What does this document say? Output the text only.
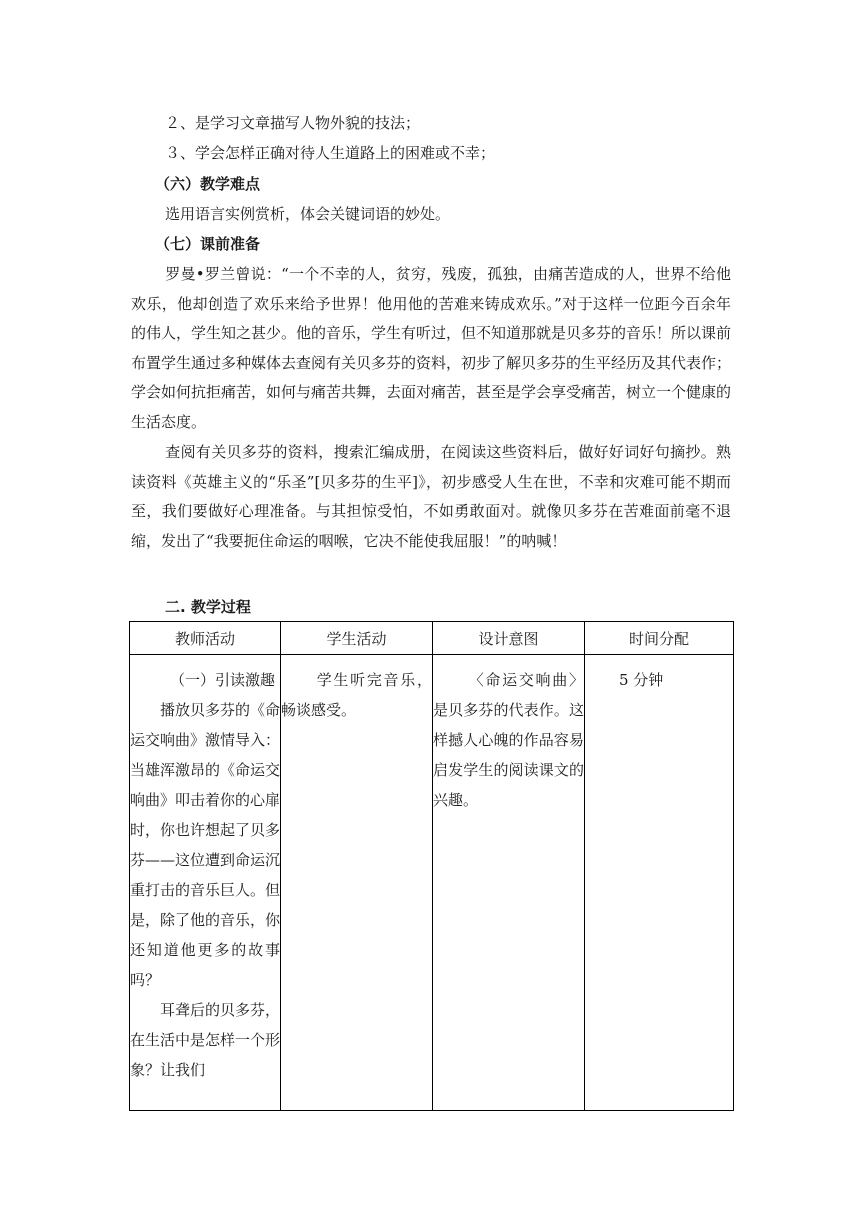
２、是学习文章描写人物外貌的技法；
３、学会怎样正确对待人生道路上的困难或不幸；
（六）教学难点
选用语言实例赏析，体会关键词语的妙处。
（七）课前准备
罗曼•罗兰曾说：“一个不幸的人，贫穷，残废，孤独，由痛苦造成的人，世界不给他欢乐，他却创造了欢乐来给予世界！他用他的苦难来铸成欢乐。”对于这样一位距今百余年的伟人，学生知之甚少。他的音乐，学生有听过，但不知道那就是贝多芬的音乐！所以课前布置学生通过多种媒体去查阅有关贝多芬的资料，初步了解贝多芬的生平经历及其代表作；学会如何抗拒痛苦，如何与痛苦共舞，去面对痛苦，甚至是学会享受痛苦，树立一个健康的生活态度。
查阅有关贝多芬的资料，搜索汇编成册，在阅读这些资料后，做好好词好句摘抄。熟读资料《英雄主义的“乐圣”[贝多芬的生平]》，初步感受人生在世，不幸和灾难可能不期而至，我们要做好心理准备。与其担惊受怕，不如勇敢面对。就像贝多芬在苦难面前毫不退缩，发出了“我要扼住命运的咽喉，它决不能使我屈服！”的呐喊！
二. 教学过程
教师活动	学生活动	设计意图	时间分配

（一）引读激趣
播放贝多芬的《命运交响曲》激情导入：当雄浑激昂的《命运交响曲》叩击着你的心扉时，你也许想起了贝多芬——这位遭到命运沉重打击的音乐巨人。但是，除了他的音乐，你还知道他更多的故事吗？
耳聋后的贝多芬，在生活中是怎样一个形象？让我们	学生听完音乐，畅谈感受。	〈命运交响曲〉是贝多芬的代表作。这样撼人心魄的作品容易启发学生的阅读课文的兴趣。	5 分钟
